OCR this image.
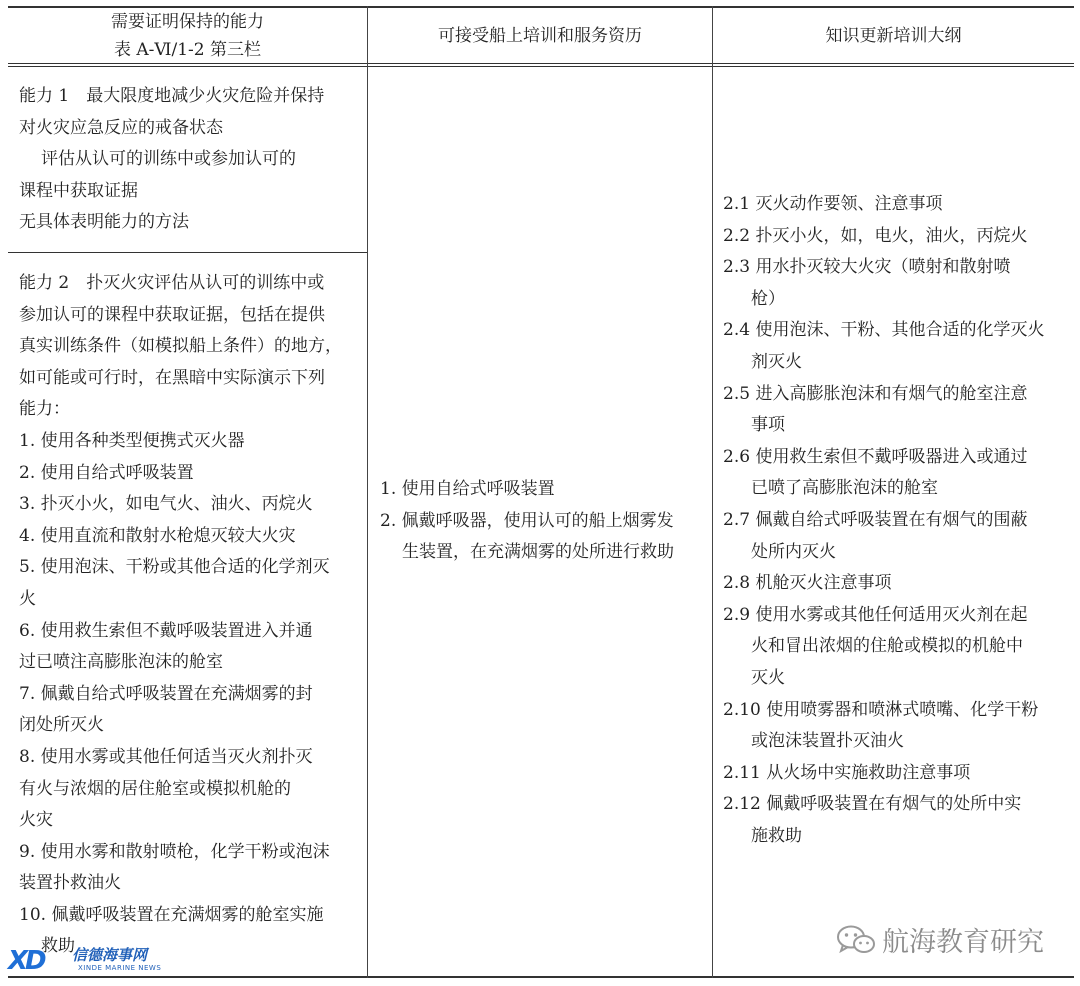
需要证明保持的能力
表 A-Ⅵ/1-2 第三栏
可接受船上培训和服务资历	知识更新培训大纲
能力 1　最大限度地减少火灾危险并保持
对火灾应急反应的戒备状态
评估从认可的训练中或参加认可的
课程中获取证据
无具体表明能力的方法
能力 2　扑灭火灾评估从认可的训练中或
参加认可的课程中获取证据，包括在提供
真实训练条件（如模拟船上条件）的地方，
如可能或可行时，在黑暗中实际演示下列
能力：
1. 使用各种类型便携式灭火器
2. 使用自给式呼吸装置
3. 扑灭小火，如电气火、油火、丙烷火
4. 使用直流和散射水枪熄灭较大火灾
5. 使用泡沫、干粉或其他合适的化学剂灭
火
6. 使用救生索但不戴呼吸装置进入并通
过已喷注高膨胀泡沫的舱室
7. 佩戴自给式呼吸装置在充满烟雾的封
闭处所灭火
8. 使用水雾或其他任何适当灭火剂扑灭
有火与浓烟的居住舱室或模拟机舱的
火灾
9. 使用水雾和散射喷枪，化学干粉或泡沫
装置扑救油火
10. 佩戴呼吸装置在充满烟雾的舱室实施
救助
1. 使用自给式呼吸装置
2. 佩戴呼吸器，使用认可的船上烟雾发
生装置，在充满烟雾的处所进行救助
2.1 灭火动作要领、注意事项
2.2 扑灭小火，如，电火，油火，丙烷火
2.3 用水扑灭较大火灾（喷射和散射喷
枪）
2.4 使用泡沫、干粉、其他合适的化学灭火
剂灭火
2.5 进入高膨胀泡沫和有烟气的舱室注意
事项
2.6 使用救生索但不戴呼吸器进入或通过
已喷了高膨胀泡沫的舱室
2.7 佩戴自给式呼吸装置在有烟气的围蔽
处所内灭火
2.8 机舱灭火注意事项
2.9 使用水雾或其他任何适用灭火剂在起
火和冒出浓烟的住舱或模拟的机舱中
灭火
2.10 使用喷雾器和喷淋式喷嘴、化学干粉
或泡沫装置扑灭油火
2.11 从火场中实施救助注意事项
2.12 佩戴呼吸装置在有烟气的处所中实
施救助
航海教育研究
XD 信德海事网
XINDE MARINE NEWS
